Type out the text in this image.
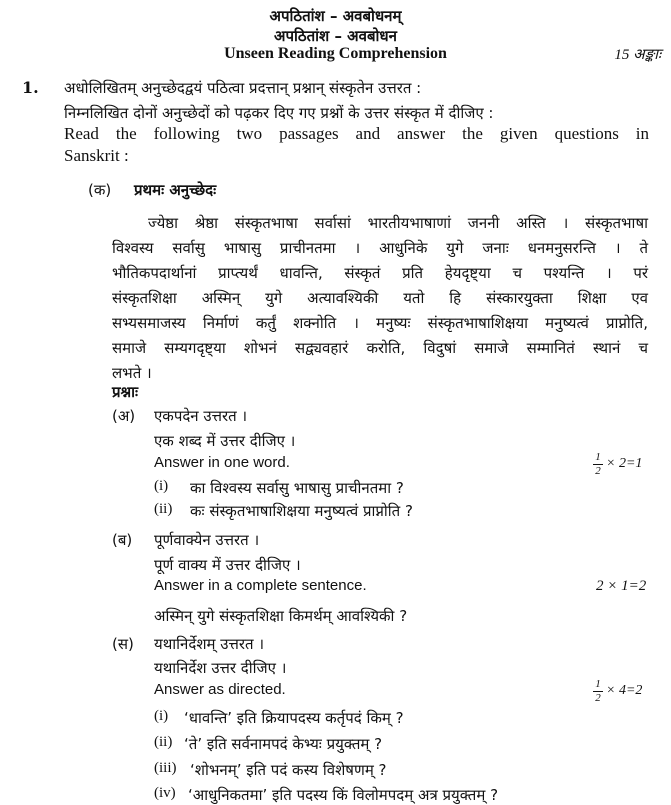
अपठितांश – अवबोधनम्
अपठितांश – अवबोधन
Unseen Reading Comprehension	15 अङ्काः
1. अधोलिखितम् अनुच्छेदद्वयं पठित्वा प्रदत्तान् प्रश्नान् संस्कृतेन उत्तरत :
निम्नलिखित दोनों अनुच्छेदों को पढ़कर दिए गए प्रश्नों के उत्तर संस्कृत में दीजिए :
Read the following two passages and answer the given questions in
Sanskrit :
(क) प्रथमः अनुच्छेदः
ज्येष्ठा श्रेष्ठा संस्कृतभाषा सर्वासां भारतीयभाषाणां जननी अस्ति । संस्कृतभाषा
विश्वस्य सर्वासु भाषासु प्राचीनतमा । आधुनिके युगे जनाः धनमनुसरन्ति । ते
भौतिकपदार्थानां प्राप्त्यर्थं धावन्ति, संस्कृतं प्रति हेयदृष्ट्या च पश्यन्ति । परं
संस्कृतशिक्षा अस्मिन् युगे अत्यावश्यिकी यतो हि संस्कारयुक्ता शिक्षा एव
सभ्यसमाजस्य निर्माणं कर्तुं शक्नोति । मनुष्यः संस्कृतभाषाशिक्षया मनुष्यत्वं प्राप्नोति,
समाजे सम्यगदृष्ट्या शोभनं सद्व्यवहारं करोति, विदुषां समाजे सम्मानितं स्थानं च
लभते ।
प्रश्नाः
(अ) एकपदेन उत्तरत ।
एक शब्द में उत्तर दीजिए ।
Answer in one word.	1
2 × 2=1
(i) का विश्वस्य सर्वासु भाषासु प्राचीनतमा ?
(ii) कः संस्कृतभाषाशिक्षया मनुष्यत्वं प्राप्नोति ?
(ब) पूर्णवाक्येन उत्तरत ।
पूर्ण वाक्य में उत्तर दीजिए ।
Answer in a complete sentence.	2 × 1=2
अस्मिन् युगे संस्कृतशिक्षा किमर्थम् आवश्यिकी ?
(स) यथानिर्देशम् उत्तरत ।
यथानिर्देश उत्तर दीजिए ।
Answer as directed.	1
2 × 4=2
(i) ‘धावन्ति’ इति क्रियापदस्य कर्तृपदं किम् ?
(ii) ‘ते’ इति सर्वनामपदं केभ्यः प्रयुक्तम् ?
(iii) ‘शोभनम्’ इति पदं कस्य विशेषणम् ?
(iv) ‘आधुनिकतमा’ इति पदस्य किं विलोमपदम् अत्र प्रयुक्तम् ?
